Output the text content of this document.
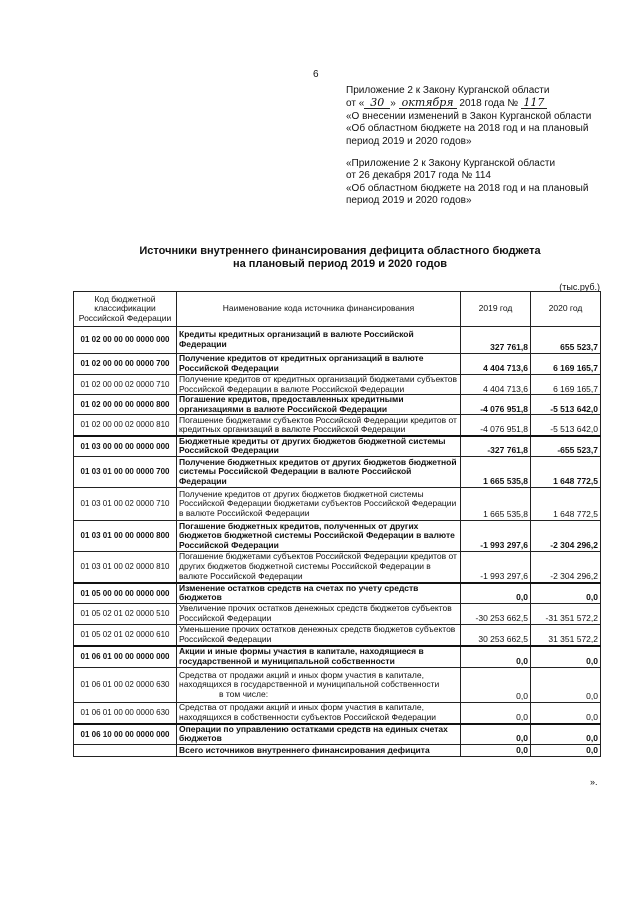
6
Приложение 2 к Закону Курганской области
от « 30 » октября 2018 года № 117
«О внесении изменений в Закон Курганской области
«Об областном бюджете на 2018 год и на плановый
период 2019 и 2020 годов»
«Приложение 2 к Закону Курганской области
от 26 декабря 2017 года № 114
«Об областном бюджете на 2018 год и на плановый
период 2019 и 2020 годов»
Источники внутреннего финансирования дефицита областного бюджета
на плановый период 2019 и 2020 годов
(тыс.руб.)
Код бюджетной классификации Российской Федерации	Наименование кода источника финансирования	2019 год	2020 год
01 02 00 00 00 0000 000	Кредиты кредитных организаций в валюте Российской Федерации	327 761,8	655 523,7
01 02 00 00 00 0000 700	Получение кредитов от кредитных организаций в валюте Российской Федерации	4 404 713,6	6 169 165,7
01 02 00 00 02 0000 710	Получение кредитов от кредитных организаций бюджетами субъектов Российской Федерации в валюте Российской Федерации	4 404 713,6	6 169 165,7
01 02 00 00 00 0000 800	Погашение кредитов, предоставленных кредитными организациями в валюте Российской Федерации	-4 076 951,8	-5 513 642,0
01 02 00 00 02 0000 810	Погашение бюджетами субъектов Российской Федерации кредитов от кредитных организаций в валюте Российской Федерации	-4 076 951,8	-5 513 642,0
01 03 00 00 00 0000 000	Бюджетные кредиты от других бюджетов бюджетной системы Российской Федерации	-327 761,8	-655 523,7
01 03 01 00 00 0000 700	Получение бюджетных кредитов от других бюджетов бюджетной системы Российской Федерации в валюте Российской Федерации	1 665 535,8	1 648 772,5
01 03 01 00 02 0000 710	Получение кредитов от других бюджетов бюджетной системы Российской Федерации бюджетами субъектов Российской Федерации в валюте Российской Федерации	1 665 535,8	1 648 772,5
01 03 01 00 00 0000 800	Погашение бюджетных кредитов, полученных от других бюджетов бюджетной системы Российской Федерации в валюте Российской Федерации	-1 993 297,6	-2 304 296,2
01 03 01 00 02 0000 810	Погашение бюджетами субъектов Российской Федерации кредитов от других бюджетов бюджетной системы Российской Федерации в валюте Российской Федерации	-1 993 297,6	-2 304 296,2
01 05 00 00 00 0000 000	Изменение остатков средств на счетах по учету средств бюджетов	0,0	0,0
01 05 02 01 02 0000 510	Увеличение прочих остатков денежных средств бюджетов субъектов Российской Федерации	-30 253 662,5	-31 351 572,2
01 05 02 01 02 0000 610	Уменьшение прочих остатков денежных средств бюджетов субъектов Российской Федерации	30 253 662,5	31 351 572,2
01 06 01 00 00 0000 000	Акции и иные формы участия в капитале, находящиеся в государственной и муниципальной собственности	0,0	0,0
01 06 01 00 02 0000 630	Средства от продажи акций и иных форм участия в капитале, находящихся в государственной и муниципальной собственности
в том числе:	0,0	0,0
01 06 01 00 00 0000 630	Средства от продажи акций и иных форм участия в капитале, находящихся в собственности субъектов Российской Федерации	0,0	0,0
01 06 10 00 00 0000 000	Операции по управлению остатками средств на единых счетах бюджетов	0,0	0,0
	Всего источников внутреннего финансирования дефицита	0,0	0,0
».
